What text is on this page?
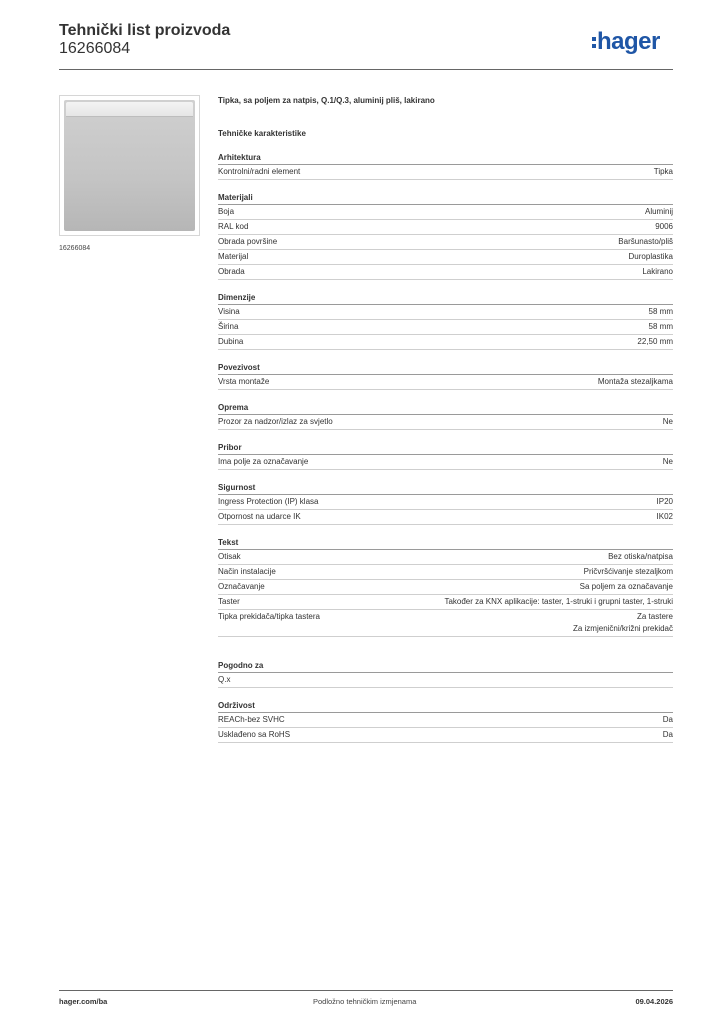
Tehnički list proizvoda
16266084	hager
16266084

Tipka, sa poljem za natpis, Q.1/Q.3, aluminij pliš, lakirano

Tehničke karakteristike
Arhitektura
Kontrolni/radni element	Tipka
Materijali
Boja	Aluminij
RAL kod	9006
Obrada površine	Baršunasto/pliš
Materijal	Duroplastika
Obrada	Lakirano
Dimenzije
Visina	58 mm
Širina	58 mm
Dubina	22,50 mm
Povezivost
Vrsta montaže	Montaža stezaljkama
Oprema
Prozor za nadzor/izlaz za svjetlo	Ne
Pribor
Ima polje za označavanje	Ne
Sigurnost
Ingress Protection (IP) klasa	IP20
Otpornost na udarce IK	IK02
Tekst
Otisak	Bez otiska/natpisa
Način instalacije	Pričvršćivanje stezaljkom
Označavanje	Sa poljem za označavanje
Taster	Također za KNX aplikacije: taster, 1-struki i grupni taster, 1-struki
Tipka prekidača/tipka tastera	Za tastere
Za izmjenični/križni prekidač
Pogodno za
Q.x
Održivost
REACh-bez SVHC	Da
Usklađeno sa RoHS	Da
hager.com/ba	Podložno tehničkim izmjenama	09.04.2026
